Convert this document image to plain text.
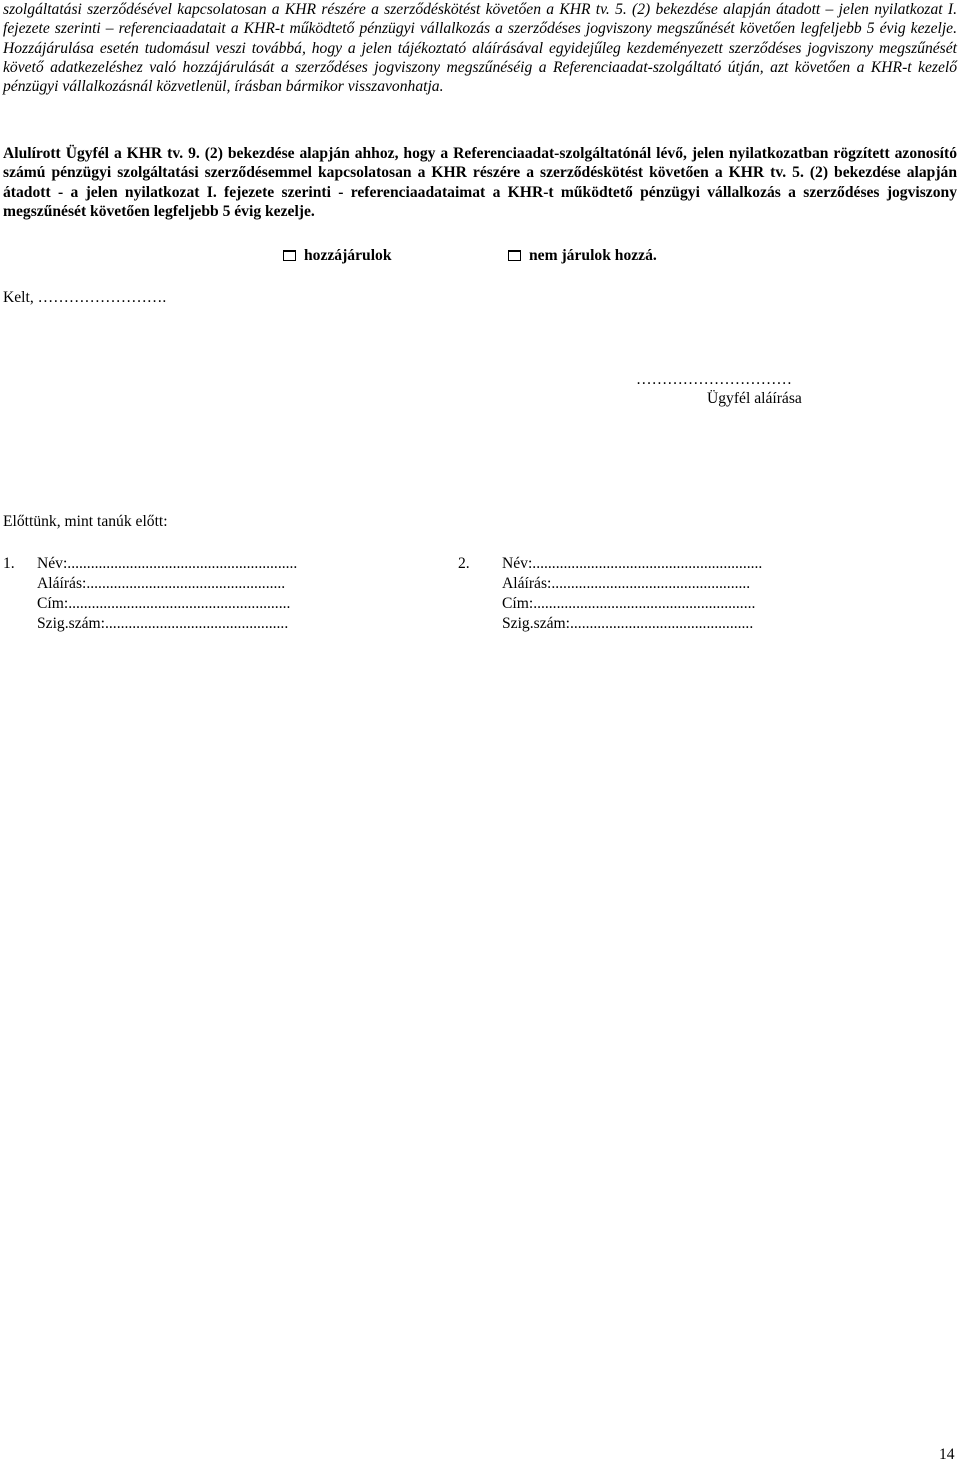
szolgáltatási szerződésével kapcsolatosan a KHR részére a szerződéskötést követően a KHR tv. 5. (2) bekezdése alapján átadott – jelen nyilatkozat I. fejezete szerinti – referenciaadatait a KHR-t működtető pénzügyi vállalkozás a szerződéses jogviszony megszűnését követően legfeljebb 5 évig kezelje. Hozzájárulása esetén tudomásul veszi továbbá, hogy a jelen tájékoztató aláírásával egyidejűleg kezdeményezett szerződéses jogviszony megszűnését követő adatkezeléshez való hozzájárulását a szerződéses jogviszony megszűnéséig a Referenciaadat-szolgáltató útján, azt követően a KHR-t kezelő pénzügyi vállalkozásnál közvetlenül, írásban bármikor visszavonhatja.

Alulírott Ügyfél a KHR tv. 9. (2) bekezdése alapján ahhoz, hogy a Referenciaadat-szolgáltatónál lévő, jelen nyilatkozatban rögzített azonosító számú pénzügyi szolgáltatási szerződésemmel kapcsolatosan a KHR részére a szerződéskötést követően a KHR tv. 5. (2) bekezdése alapján átadott - a jelen nyilatkozat I. fejezete szerinti - referenciaadataimat a KHR-t működtető pénzügyi vállalkozás a szerződéses jogviszony megszűnését követően legfeljebb 5 évig kezelje.

hozzájárulok	nem járulok hozzá.
Kelt, …………………….
…………………………
Ügyfél aláírása
Előttünk, mint tanúk előtt:
1. Név:...........................................................
Aláírás:...................................................
Cím:.........................................................
Szig.szám:...............................................
2. Név:...........................................................
Aláírás:...................................................
Cím:.........................................................
Szig.szám:...............................................
14
